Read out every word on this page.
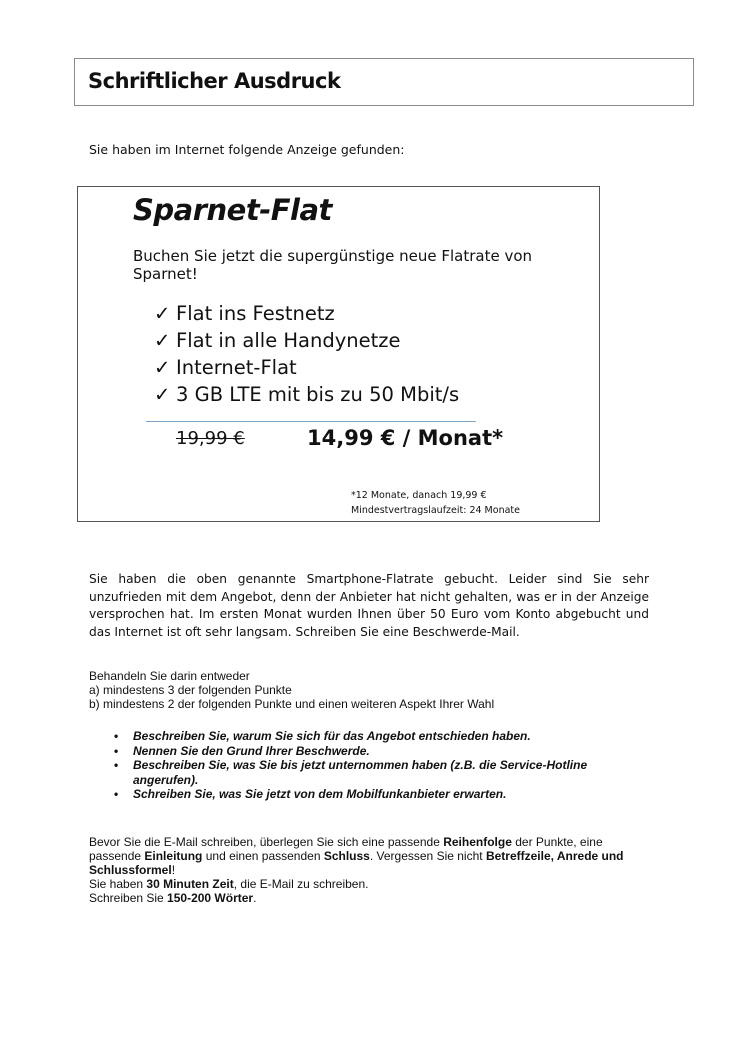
Schriftlicher Ausdruck
Sie haben im Internet folgende Anzeige gefunden:
Sparnet-Flat
Buchen Sie jetzt die supergünstige neue Flatrate von Sparnet!
✓ Flat ins Festnetz
✓ Flat in alle Handynetze
✓ Internet-Flat
✓ 3 GB LTE mit bis zu 50 Mbit/s
19,99 €	14,99 € / Monat*
*12 Monate, danach 19,99 €
Mindestvertragslaufzeit: 24 Monate
Sie haben die oben genannte Smartphone-Flatrate gebucht. Leider sind Sie sehr unzufrieden mit dem Angebot, denn der Anbieter hat nicht gehalten, was er in der Anzeige versprochen hat. Im ersten Monat wurden Ihnen über 50 Euro vom Konto abgebucht und das Internet ist oft sehr langsam. Schreiben Sie eine Beschwerde-Mail.
Behandeln Sie darin entweder
a) mindestens 3 der folgenden Punkte
b) mindestens 2 der folgenden Punkte und einen weiteren Aspekt Ihrer Wahl
• Beschreiben Sie, warum Sie sich für das Angebot entschieden haben.
• Nennen Sie den Grund Ihrer Beschwerde.
• Beschreiben Sie, was Sie bis jetzt unternommen haben (z.B. die Service-Hotline angerufen).
• Schreiben Sie, was Sie jetzt von dem Mobilfunkanbieter erwarten.
Bevor Sie die E-Mail schreiben, überlegen Sie sich eine passende Reihenfolge der Punkte, eine passende Einleitung und einen passenden Schluss. Vergessen Sie nicht Betreffzeile, Anrede und Schlussformel!
Sie haben 30 Minuten Zeit, die E-Mail zu schreiben.
Schreiben Sie 150-200 Wörter.
